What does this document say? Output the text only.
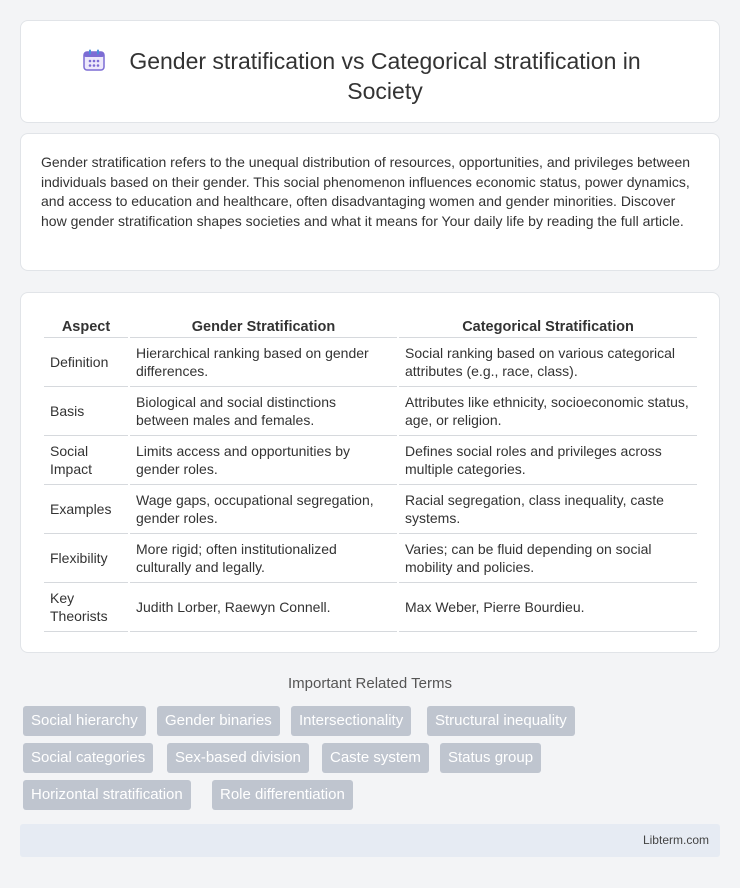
Gender stratification vs Categorical stratification in Society

Gender stratification refers to the unequal distribution of resources, opportunities, and privileges between individuals based on their gender. This social phenomenon influences economic status, power dynamics, and access to education and healthcare, often disadvantaging women and gender minorities. Discover how gender stratification shapes societies and what it means for Your daily life by reading the full article.

Aspect	Gender Stratification	Categorical Stratification
Definition	Hierarchical ranking based on gender differences.	Social ranking based on various categorical attributes (e.g., race, class).
Basis	Biological and social distinctions between males and females.	Attributes like ethnicity, socioeconomic status, age, or religion.
Social Impact	Limits access and opportunities by gender roles.	Defines social roles and privileges across multiple categories.
Examples	Wage gaps, occupational segregation, gender roles.	Racial segregation, class inequality, caste systems.
Flexibility	More rigid; often institutionalized culturally and legally.	Varies; can be fluid depending on social mobility and policies.
Key Theorists	Judith Lorber, Raewyn Connell.	Max Weber, Pierre Bourdieu.
Important Related Terms
Social hierarchy	Gender binaries	Intersectionality	Structural inequality
Social categories	Sex-based division	Caste system	Status group
Horizontal stratification	Role differentiation
Libterm.com
